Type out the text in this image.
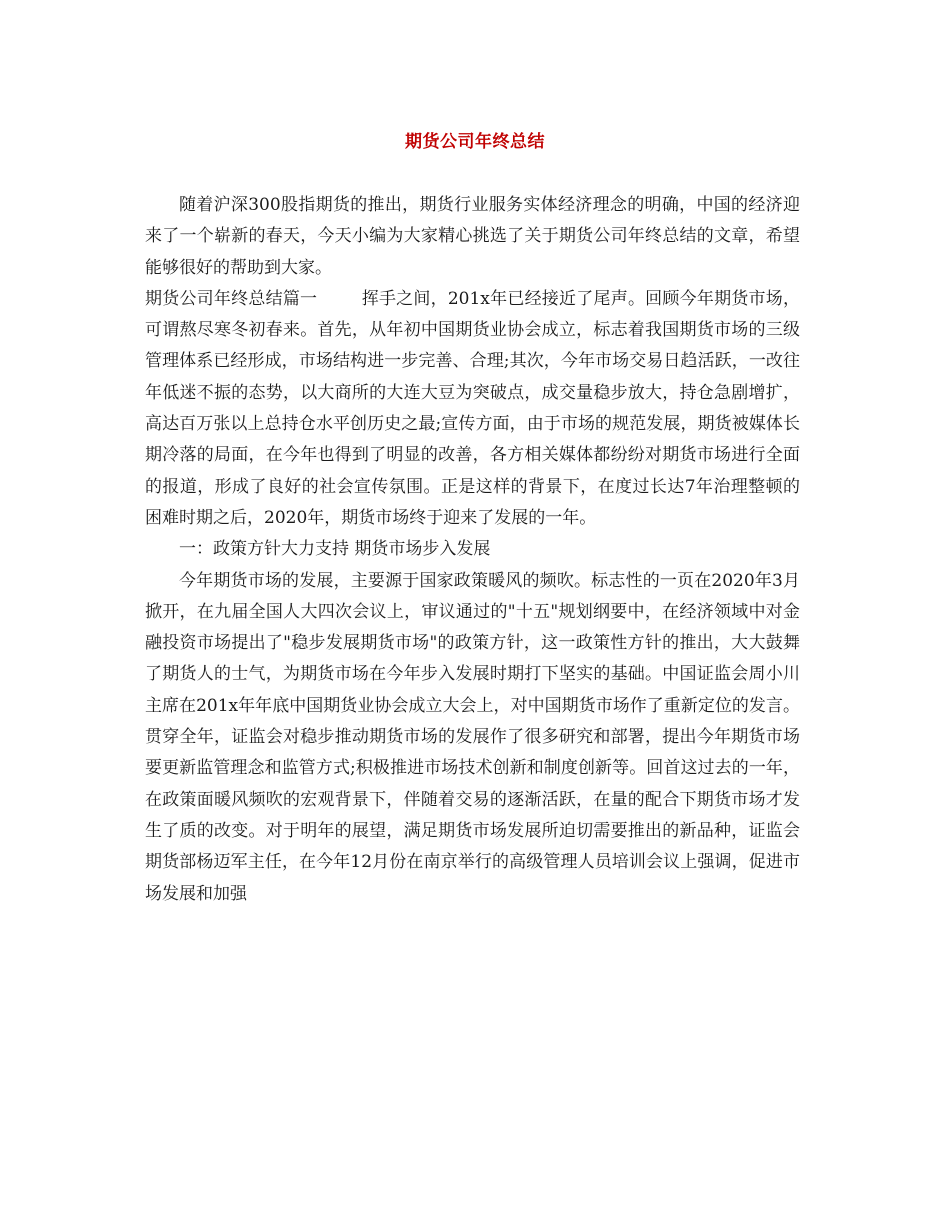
期货公司年终总结

随着沪深300股指期货的推出，期货行业服务实体经济理念的明确，中国的经济迎来了一个崭新的春天，今天小编为大家精心挑选了关于期货公司年终总结的文章，希望能够很好的帮助到大家。

期货公司年终总结篇一	挥手之间，201x年已经接近了尾声。回顾今年期货市场，可谓熬尽寒冬初春来。首先，从年初中国期货业协会成立，标志着我国期货市场的三级管理体系已经形成，市场结构进一步完善、合理;其次，今年市场交易日趋活跃，一改往年低迷不振的态势，以大商所的大连大豆为突破点，成交量稳步放大，持仓急剧增扩，高达百万张以上总持仓水平创历史之最;宣传方面，由于市场的规范发展，期货被媒体长期冷落的局面，在今年也得到了明显的改善，各方相关媒体都纷纷对期货市场进行全面的报道，形成了良好的社会宣传氛围。正是这样的背景下，在度过长达7年治理整顿的困难时期之后，2020年，期货市场终于迎来了发展的一年。

一：政策方针大力支持 期货市场步入发展

今年期货市场的发展，主要源于国家政策暖风的频吹。标志性的一页在2020年3月掀开，在九届全国人大四次会议上，审议通过的"十五"规划纲要中，在经济领域中对金融投资市场提出了"稳步发展期货市场"的政策方针，这一政策性方针的推出，大大鼓舞了期货人的士气，为期货市场在今年步入发展时期打下坚实的基础。中国证监会周小川主席在201x年年底中国期货业协会成立大会上，对中国期货市场作了重新定位的发言。贯穿全年，证监会对稳步推动期货市场的发展作了很多研究和部署，提出今年期货市场要更新监管理念和监管方式;积极推进市场技术创新和制度创新等。回首这过去的一年，在政策面暖风频吹的宏观背景下，伴随着交易的逐渐活跃，在量的配合下期货市场才发生了质的改变。对于明年的展望，满足期货市场发展所迫切需要推出的新品种，证监会期货部杨迈军主任，在今年12月份在南京举行的高级管理人员培训会议上强调，促进市场发展和加强
